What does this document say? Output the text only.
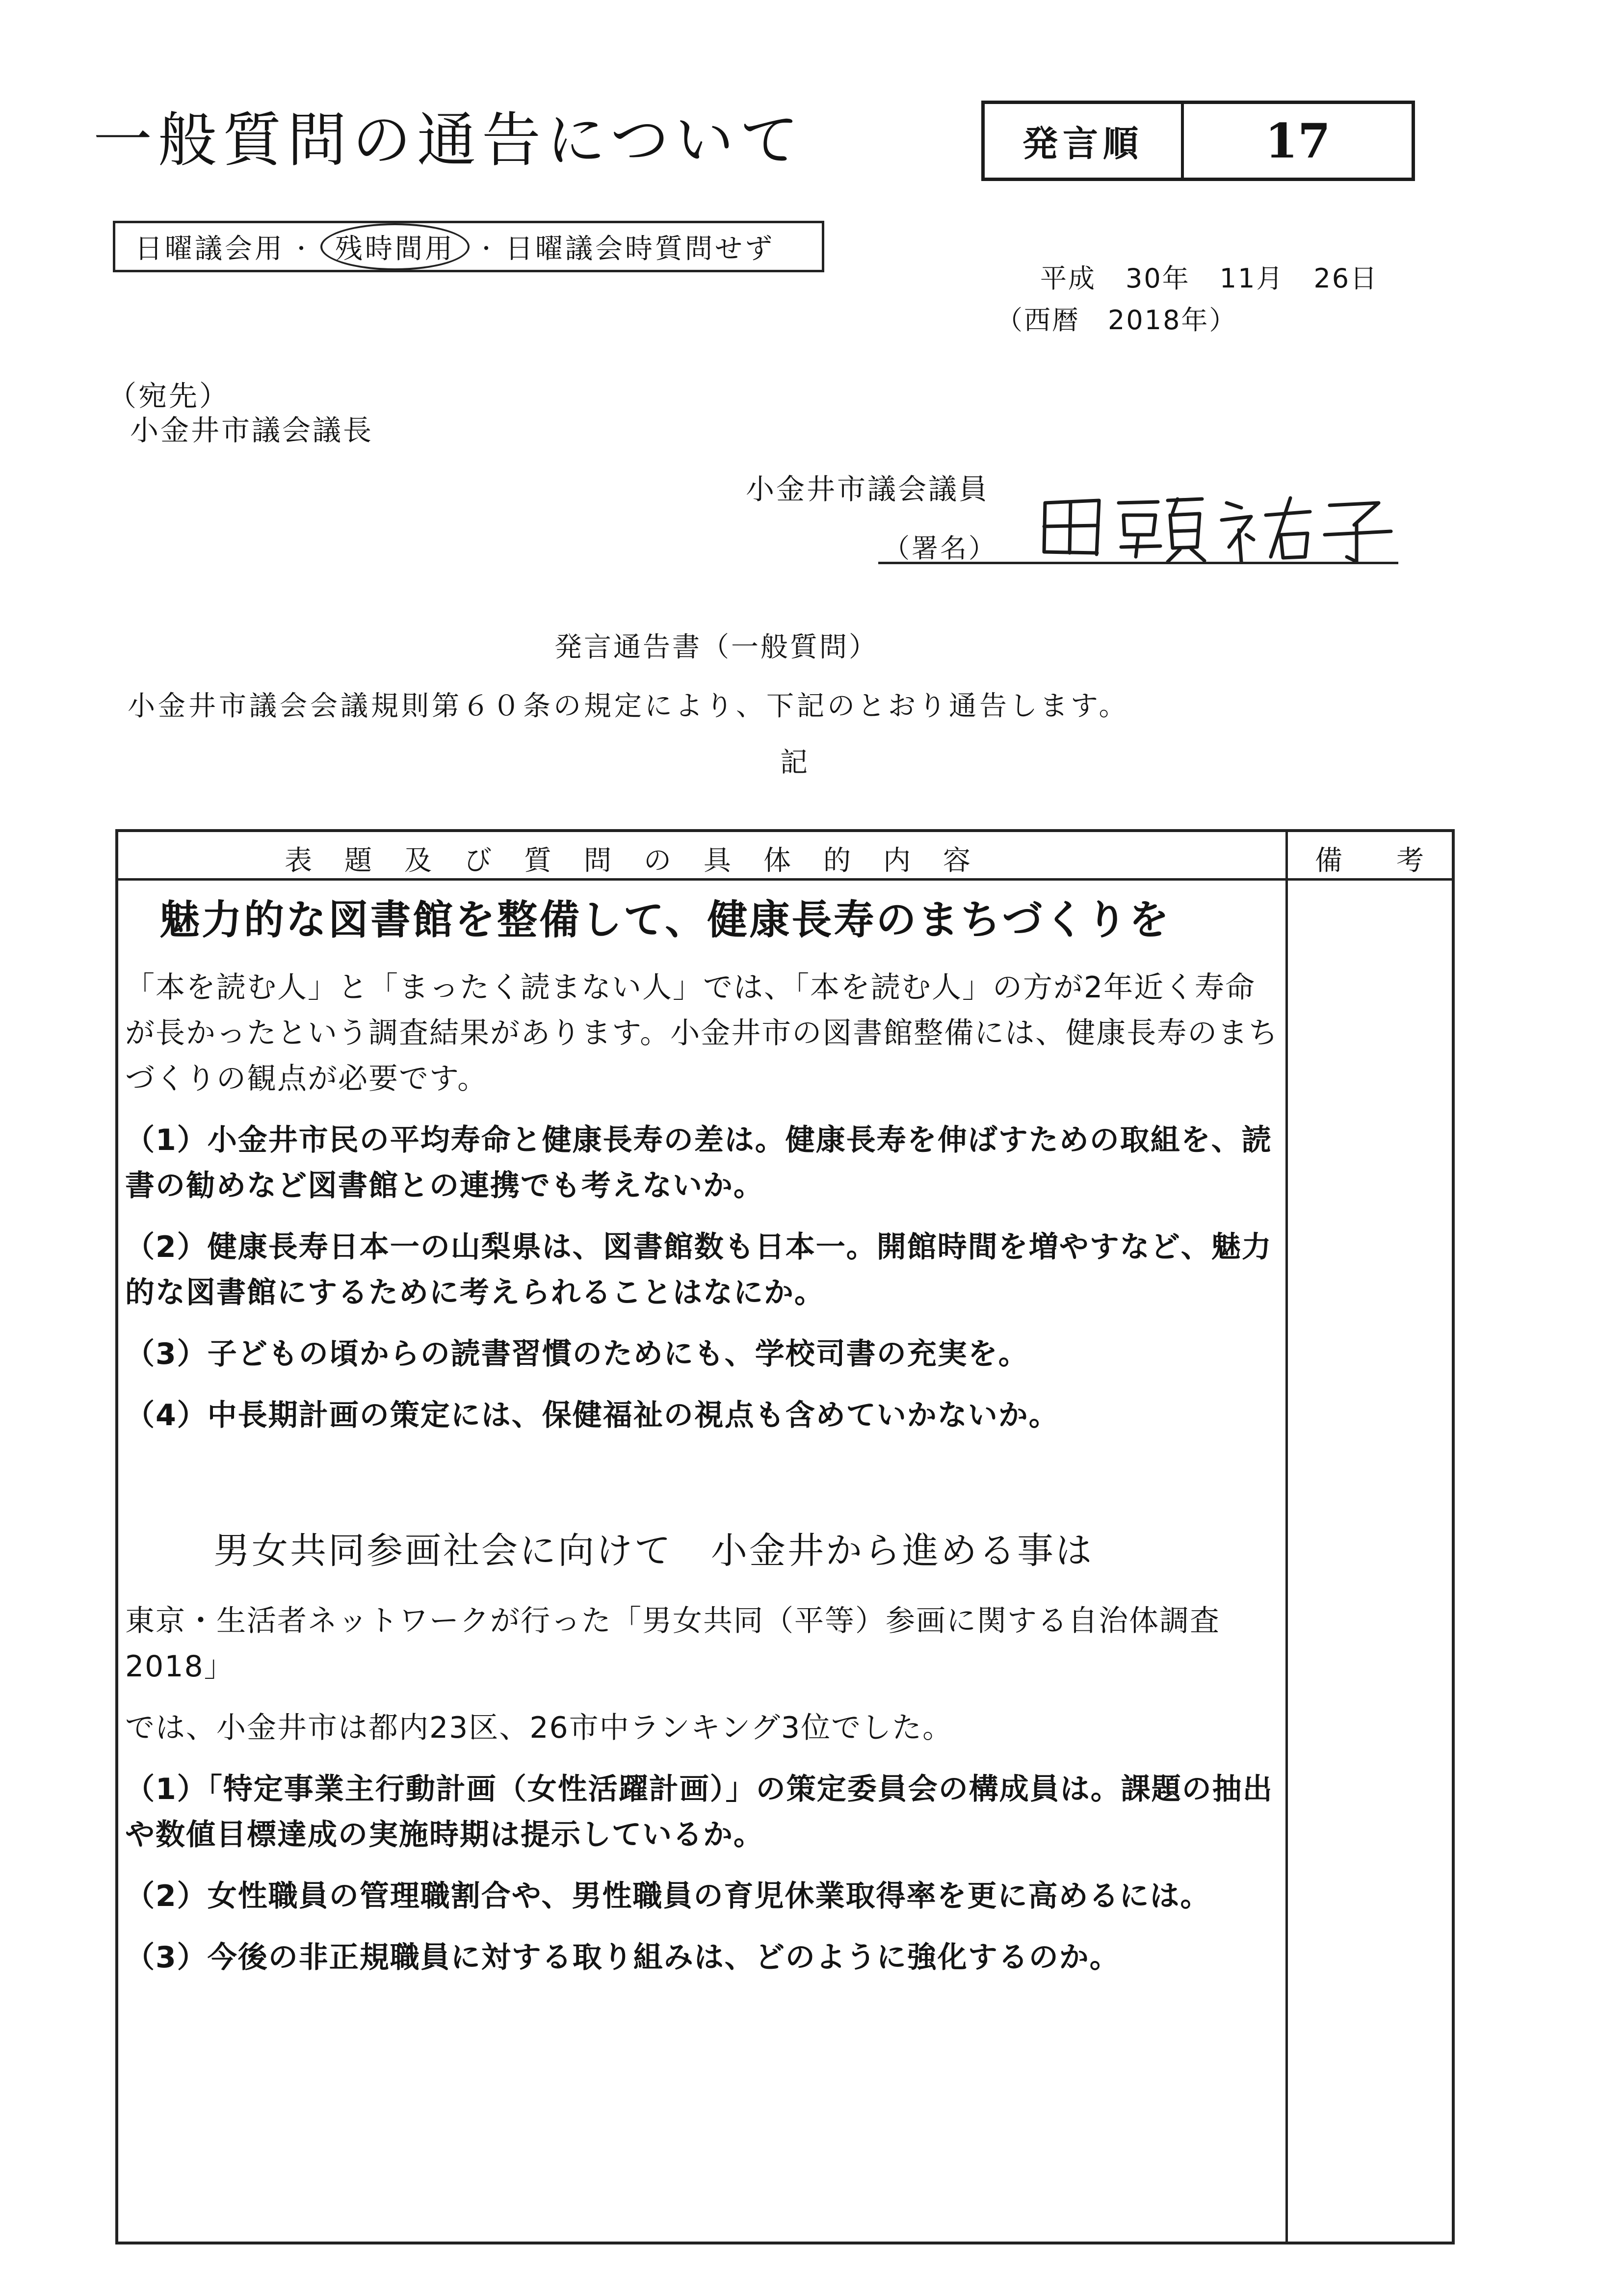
一般質問の通告について	発言順	17
日曜議会用 ・ 残時間用 ・ 日曜議会時質問せず
平成 30年 11月 26日
（西暦　2018年）
（宛先）
小金井市議会議長
小金井市議会議員
（署名）
発言通告書（一般質問）
小金井市議会会議規則第６０条の規定により、下記のとおり通告します。
記
表題及び質問の具体的内容	備考
魅力的な図書館を整備して、健康長寿のまちづくりを
「本を読む人」と「まったく読まない人」では、「本を読む人」の方が2年近く寿命が長かったという調査結果があります。小金井市の図書館整備には、健康長寿のまちづくりの観点が必要です。
（1）小金井市民の平均寿命と健康長寿の差は。健康長寿を伸ばすための取組を、読書の勧めなど図書館との連携でも考えないか。
（2）健康長寿日本一の山梨県は、図書館数も日本一。開館時間を増やすなど、魅力的な図書館にするために考えられることはなにか。
（3）子どもの頃からの読書習慣のためにも、学校司書の充実を。
（4）中長期計画の策定には、保健福祉の視点も含めていかないか。
男女共同参画社会に向けて　小金井から進める事は
東京・生活者ネットワークが行った「男女共同（平等）参画に関する自治体調査2018」
では、小金井市は都内23区、26市中ランキング3位でした。
（1）「特定事業主行動計画（女性活躍計画）」の策定委員会の構成員は。課題の抽出や数値目標達成の実施時期は提示しているか。
（2）女性職員の管理職割合や、男性職員の育児休業取得率を更に高めるには。
（3）今後の非正規職員に対する取り組みは、どのように強化するのか。
